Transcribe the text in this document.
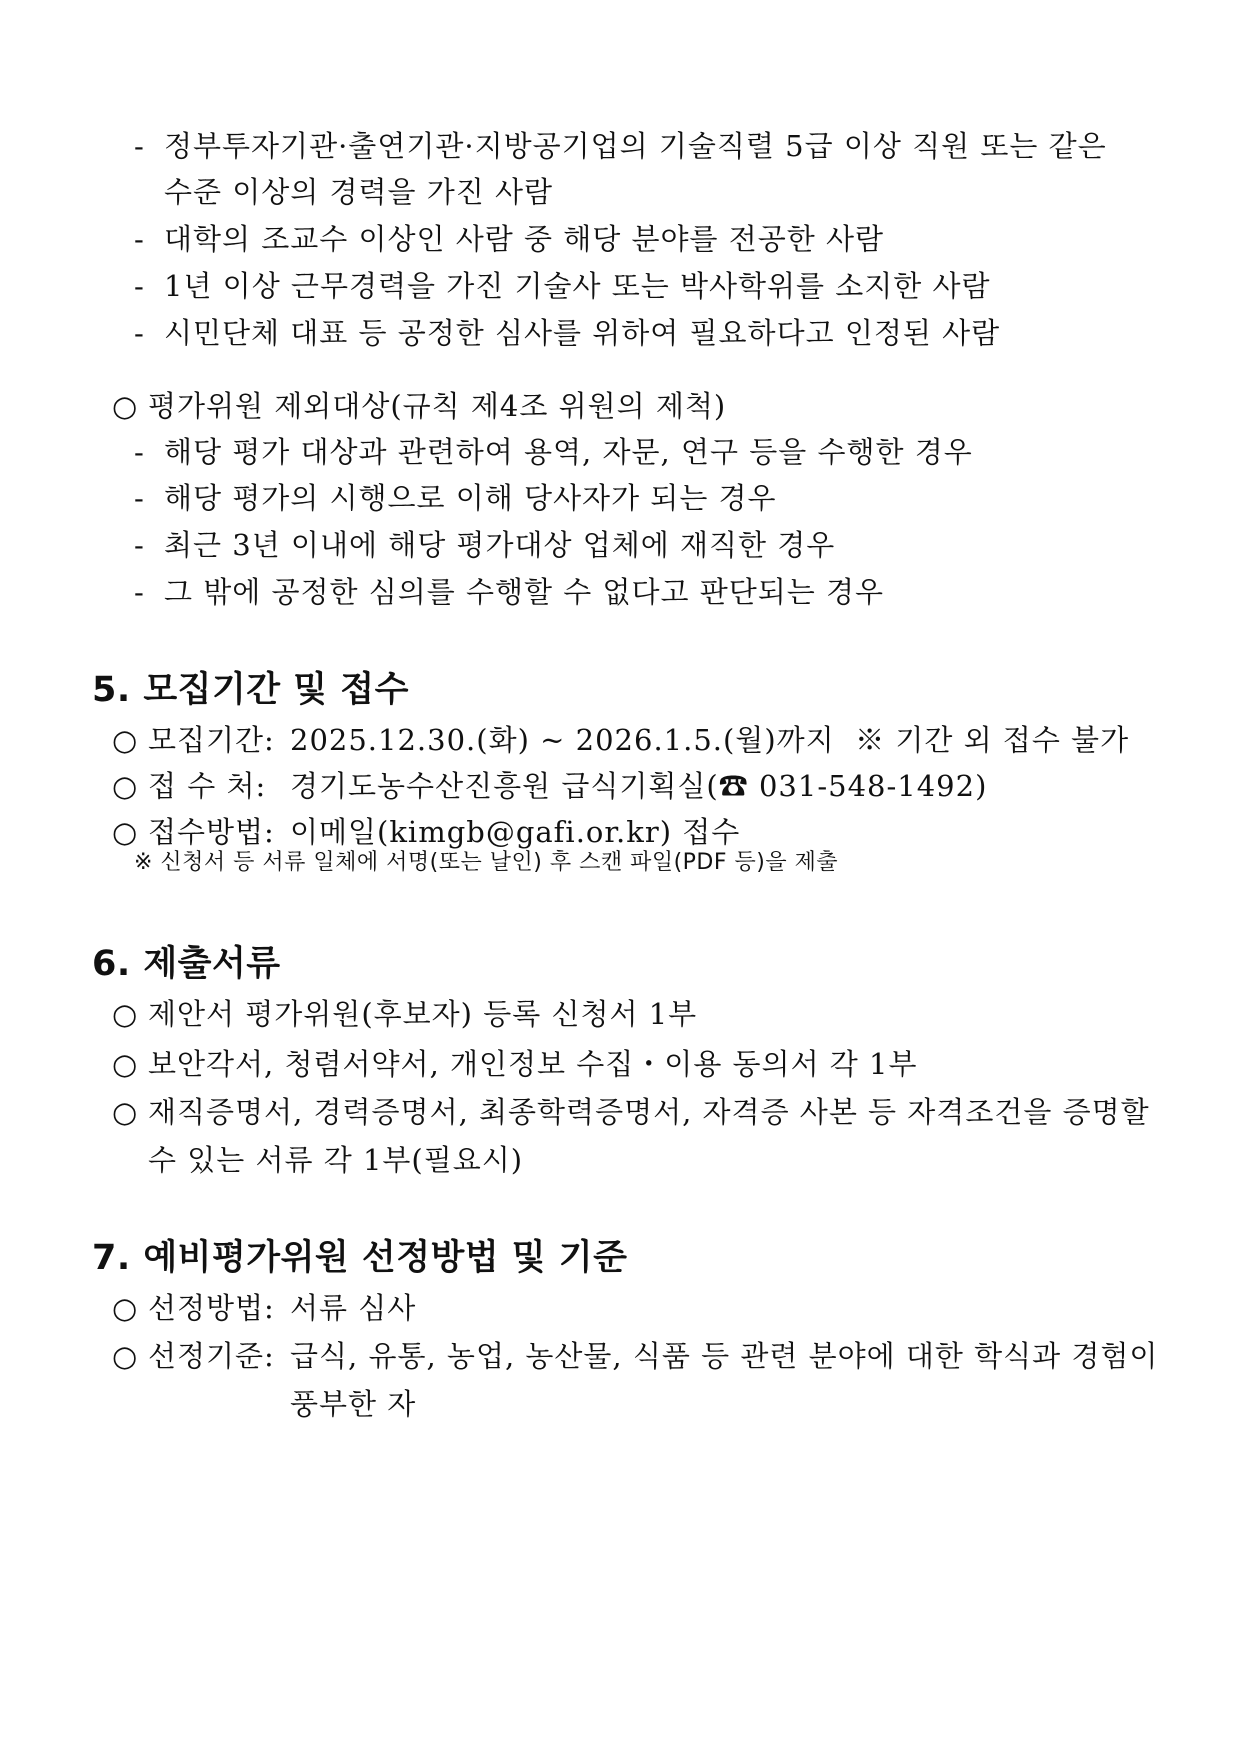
- 정부투자기관·출연기관·지방공기업의 기술직렬 5급 이상 직원 또는 같은
수준 이상의 경력을 가진 사람
- 대학의 조교수 이상인 사람 중 해당 분야를 전공한 사람
- 1년 이상 근무경력을 가진 기술사 또는 박사학위를 소지한 사람
- 시민단체 대표 등 공정한 심사를 위하여 필요하다고 인정된 사람
○ 평가위원 제외대상(규칙 제4조 위원의 제척)
- 해당 평가 대상과 관련하여 용역, 자문, 연구 등을 수행한 경우
- 해당 평가의 시행으로 이해 당사자가 되는 경우
- 최근 3년 이내에 해당 평가대상 업체에 재직한 경우
- 그 밖에 공정한 심의를 수행할 수 없다고 판단되는 경우
5. 모집기간 및 접수
○ 모집기간: 2025.12.30.(화) ~ 2026.1.5.(월)까지 ※ 기간 외 접수 불가
○ 접 수 처: 경기도농수산진흥원 급식기획실(☎ 031-548-1492)
○ 접수방법: 이메일(kimgb@gafi.or.kr) 접수
※ 신청서 등 서류 일체에 서명(또는 날인) 후 스캔 파일(PDF 등)을 제출
6. 제출서류
○ 제안서 평가위원(후보자) 등록 신청서 1부
○ 보안각서, 청렴서약서, 개인정보 수집・이용 동의서 각 1부
○ 재직증명서, 경력증명서, 최종학력증명서, 자격증 사본 등 자격조건을 증명할
수 있는 서류 각 1부(필요시)
7. 예비평가위원 선정방법 및 기준
○ 선정방법: 서류 심사
○ 선정기준: 급식, 유통, 농업, 농산물, 식품 등 관련 분야에 대한 학식과 경험이
풍부한 자
